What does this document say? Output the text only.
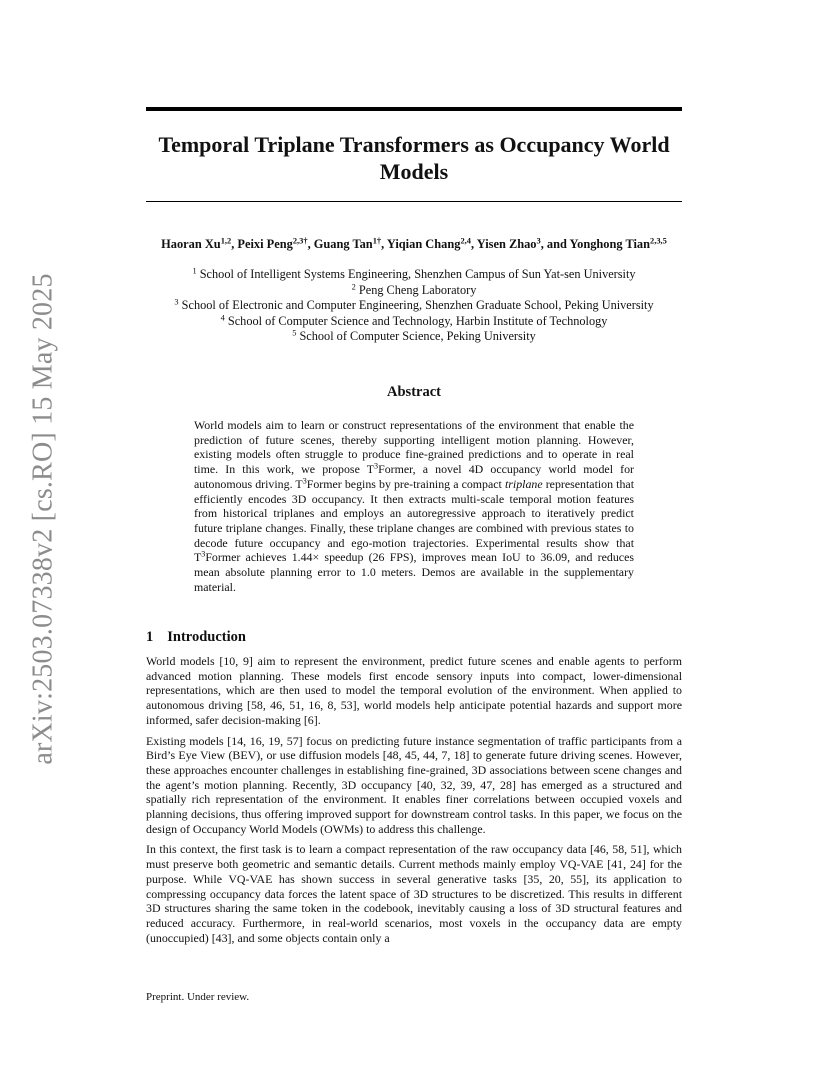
arXiv:2503.07338v2 [cs.RO] 15 May 2025
Temporal Triplane Transformers as Occupancy World
Models
Haoran Xu$^{1,2}$, Peixi Peng$^{2,3\dagger}$, Guang Tan$^{1\dagger}$, Yiqian Chang$^{2,4}$, Yisen Zhao$^3$, and Yonghong Tian$^{2,3,5}$
$^1$ School of Intelligent Systems Engineering, Shenzhen Campus of Sun Yat-sen University
$^2$ Peng Cheng Laboratory
$^3$ School of Electronic and Computer Engineering, Shenzhen Graduate School, Peking University
$^4$ School of Computer Science and Technology, Harbin Institute of Technology
$^5$ School of Computer Science, Peking University
Abstract

World models aim to learn or construct representations of the environment that enable the prediction of future scenes, thereby supporting intelligent motion planning. However, existing models often struggle to produce fine-grained predictions and to operate in real time. In this work, we propose $T^3Former$, a novel 4D occupancy world model for autonomous driving. $T^3Former$ begins by pre-training a compact triplane representation that efficiently encodes 3D occupancy. It then extracts multi-scale temporal motion features from historical triplanes and employs an autoregressive approach to iteratively predict future triplane changes. Finally, these triplane changes are combined with previous states to decode future occupancy and ego-motion trajectories. Experimental results show that $T^3Former$ achieves 1.44× speedup (26 FPS), improves mean IoU to 36.09, and reduces mean absolute planning error to 1.0 meters. Demos are available in the supplementary material.

1 Introduction

World models [10, 9] aim to represent the environment, predict future scenes and enable agents to perform advanced motion planning. These models first encode sensory inputs into compact, lower-dimensional representations, which are then used to model the temporal evolution of the environment. When applied to autonomous driving [58, 46, 51, 16, 8, 53], world models help anticipate potential hazards and support more informed, safer decision-making [6].

Existing models [14, 16, 19, 57] focus on predicting future instance segmentation of traffic participants from a Bird’s Eye View (BEV), or use diffusion models [48, 45, 44, 7, 18] to generate future driving scenes. However, these approaches encounter challenges in establishing fine-grained, 3D associations between scene changes and the agent’s motion planning. Recently, 3D occupancy [40, 32, 39, 47, 28] has emerged as a structured and spatially rich representation of the environment. It enables finer correlations between occupied voxels and planning decisions, thus offering improved support for downstream control tasks. In this paper, we focus on the design of Occupancy World Models (OWMs) to address this challenge.

In this context, the first task is to learn a compact representation of the raw occupancy data [46, 58, 51], which must preserve both geometric and semantic details. Current methods mainly employ VQ-VAE [41, 24] for the purpose. While VQ-VAE has shown success in several generative tasks [35, 20, 55], its application to compressing occupancy data forces the latent space of 3D structures to be discretized. This results in different 3D structures sharing the same token in the codebook, inevitably causing a loss of 3D structural features and reduced accuracy. Furthermore, in real-world scenarios, most voxels in the occupancy data are empty (unoccupied) [43], and some objects contain only a

Preprint. Under review.
